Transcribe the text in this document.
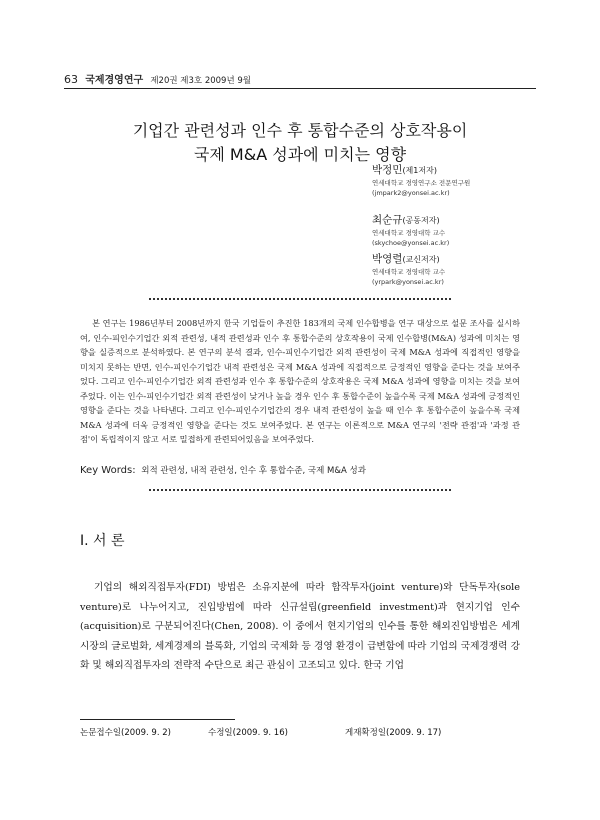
63 국제경영연구 제20권 제3호 2009년 9월
기업간 관련성과 인수 후 통합수준의 상호작용이
국제 M&A 성과에 미치는 영향
박정민(제1저자)
연세대학교 경영연구소 전문연구원
(jmpark2@yonsei.ac.kr)
최순규(공동저자)
연세대학교 경영대학 교수
(skychoe@yonsei.ac.kr)
박영렬(교신저자)
연세대학교 경영대학 교수
(yrpark@yonsei.ac.kr)

본 연구는 1986년부터 2008년까지 한국 기업들이 추진한 183개의 국제 인수합병을 연구 대상으로 설문 조사를 실시하여, 인수-피인수기업간 외적 관련성, 내적 관련성과 인수 후 통합수준의 상호작용이 국제 인수합병(M&A) 성과에 미치는 영향을 실증적으로 분석하였다. 본 연구의 분석 결과, 인수-피인수기업간 외적 관련성이 국제 M&A 성과에 직접적인 영향을 미치지 못하는 반면, 인수-피인수기업간 내적 관련성은 국제 M&A 성과에 직접적으로 긍정적인 영향을 준다는 것을 보여주었다. 그리고 인수-피인수기업간 외적 관련성과 인수 후 통합수준의 상호작용은 국제 M&A 성과에 영향을 미치는 것을 보여주었다. 이는 인수-피인수기업간 외적 관련성이 낮거나 높을 경우 인수 후 통합수준이 높을수록 국제 M&A 성과에 긍정적인 영향을 준다는 것을 나타낸다. 그리고 인수-피인수기업간의 경우 내적 관련성이 높을 때 인수 후 통합수준이 높을수록 국제 M&A 성과에 더욱 긍정적인 영향을 준다는 것도 보여주었다. 본 연구는 이론적으로 M&A 연구의 '전략 관점'과 '과정 관점'이 독립적이지 않고 서로 밀접하게 관련되어있음을 보여주었다.

Key Words: 외적 관련성, 내적 관련성, 인수 후 통합수준, 국제 M&A 성과
Ⅰ. 서 론

기업의 해외직접투자(FDI) 방법은 소유지분에 따라 합작투자(joint venture)와 단독투자(sole venture)로 나누어지고, 진입방법에 따라 신규설립(greenfield investment)과 현지기업 인수(acquisition)로 구분되어진다(Chen, 2008). 이 중에서 현지기업의 인수를 통한 해외진입방법은 세계시장의 글로벌화, 세계경제의 블록화, 기업의 국제화 등 경영 환경이 급변함에 따라 기업의 국제경쟁력 강화 및 해외직접투자의 전략적 수단으로 최근 관심이 고조되고 있다. 한국 기업

논문접수일(2009. 9. 2)	수정일(2009. 9. 16)	게재확정일(2009. 9. 17)
